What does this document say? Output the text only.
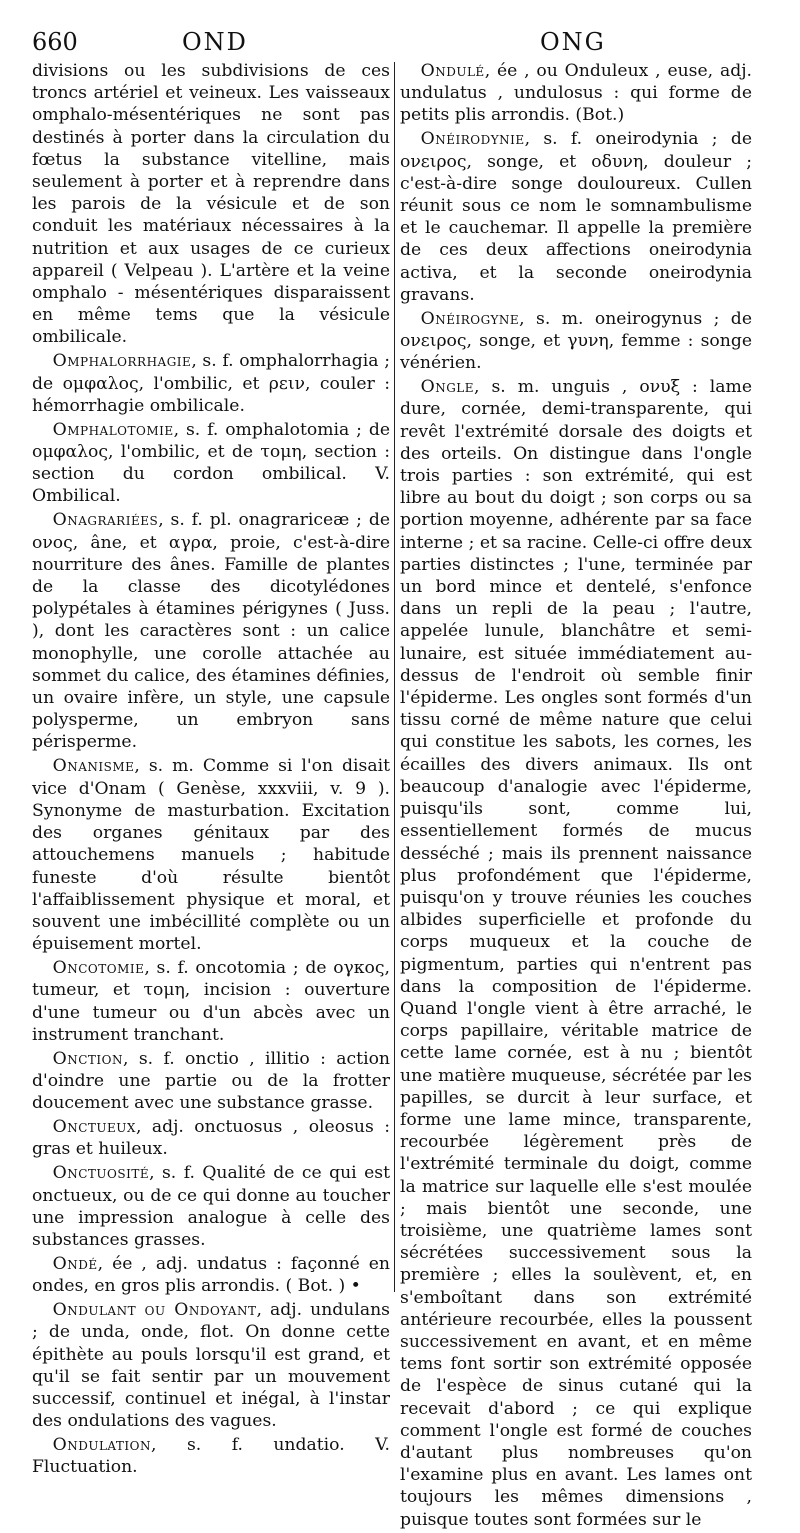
660	OND	ONG

divisions ou les subdivisions de ces troncs artériel et veineux. Les vaisseaux omphalo-mésentériques ne sont pas destinés à porter dans la circulation du fœtus la substance vitelline, mais seulement à porter et à reprendre dans les parois de la vésicule et de son conduit les matériaux nécessaires à la nutrition et aux usages de ce curieux appareil ( Velpeau ). L'artère et la veine omphalo - mésentériques disparaissent en même tems que la vésicule ombilicale.

Omphalorrhagie, s. f. omphalorrhagia ; de ομφαλος, l'ombilic, et ρειν, couler : hémorrhagie ombilicale.

Omphalotomie, s. f. omphalotomia ; de ομφαλος, l'ombilic, et de τομη, section : section du cordon ombilical. V. Ombilical.

Onagrariées, s. f. pl. onagrariceæ ; de ονος, âne, et αγρα, proie, c'est-à-dire nourriture des ânes. Famille de plantes de la classe des dicotylédones polypétales à étamines périgynes ( Juss. ), dont les caractères sont : un calice monophylle, une corolle attachée au sommet du calice, des étamines définies, un ovaire infère, un style, une capsule polysperme, un embryon sans périsperme.

Onanisme, s. m. Comme si l'on disait vice d'Onam ( Genèse, xxxviii, v. 9 ). Synonyme de masturbation. Excitation des organes génitaux par des attouchemens manuels ; habitude funeste d'où résulte bientôt l'affaiblissement physique et moral, et souvent une imbécillité complète ou un épuisement mortel.

Oncotomie, s. f. oncotomia ; de ογκος, tumeur, et τομη, incision : ouverture d'une tumeur ou d'un abcès avec un instrument tranchant.

Onction, s. f. onctio , illitio : action d'oindre une partie ou de la frotter doucement avec une substance grasse.

Onctueux, adj. onctuosus , oleosus : gras et huileux.

Onctuosité, s. f. Qualité de ce qui est onctueux, ou de ce qui donne au toucher une impression analogue à celle des substances grasses.

Ondé, ée , adj. undatus : façonné en ondes, en gros plis arrondis. ( Bot. ) •

Ondulant ou Ondoyant, adj. undulans ; de unda, onde, flot. On donne cette épithète au pouls lorsqu'il est grand, et qu'il se fait sentir par un mouvement successif, continuel et inégal, à l'instar des ondulations des vagues.

Ondulation, s. f. undatio. V. Fluctuation.

Ondulé, ée , ou Onduleux , euse, adj. undulatus , undulosus : qui forme de petits plis arrondis. (Bot.)

Onéirodynie, s. f. oneirodynia ; de ονειρος, songe, et οδυνη, douleur ; c'est-à-dire songe douloureux. Cullen réunit sous ce nom le somnambulisme et le cauchemar. Il appelle la première de ces deux affections oneirodynia activa, et la seconde oneirodynia gravans.

Onéirogyne, s. m. oneirogynus ; de ονειρος, songe, et γυνη, femme : songe vénérien.

Ongle, s. m. unguis , ονυξ : lame dure, cornée, demi-transparente, qui revêt l'extrémité dorsale des doigts et des orteils. On distingue dans l'ongle trois parties : son extrémité, qui est libre au bout du doigt ; son corps ou sa portion moyenne, adhérente par sa face interne ; et sa racine. Celle-ci offre deux parties distinctes ; l'une, terminée par un bord mince et dentelé, s'enfonce dans un repli de la peau ; l'autre, appelée lunule, blanchâtre et semi-lunaire, est située immédiatement au-dessus de l'endroit où semble finir l'épiderme. Les ongles sont formés d'un tissu corné de même nature que celui qui constitue les sabots, les cornes, les écailles des divers animaux. Ils ont beaucoup d'analogie avec l'épiderme, puisqu'ils sont, comme lui, essentiellement formés de mucus desséché ; mais ils prennent naissance plus profondément que l'épiderme, puisqu'on y trouve réunies les couches albides superficielle et profonde du corps muqueux et la couche de pigmentum, parties qui n'entrent pas dans la composition de l'épiderme. Quand l'ongle vient à être arraché, le corps papillaire, véritable matrice de cette lame cornée, est à nu ; bientôt une matière muqueuse, sécrétée par les papilles, se durcit à leur surface, et forme une lame mince, transparente, recourbée légèrement près de l'extrémité terminale du doigt, comme la matrice sur laquelle elle s'est moulée ; mais bientôt une seconde, une troisième, une quatrième lames sont sécrétées successivement sous la première ; elles la soulèvent, et, en s'emboîtant dans son extrémité antérieure recourbée, elles la poussent successivement en avant, et en même tems font sortir son extrémité opposée de l'espèce de sinus cutané qui la recevait d'abord ; ce qui explique comment l'ongle est formé de couches d'autant plus nombreuses qu'on l'examine plus en avant. Les lames ont toujours les mêmes dimensions , puisque toutes sont formées sur le
